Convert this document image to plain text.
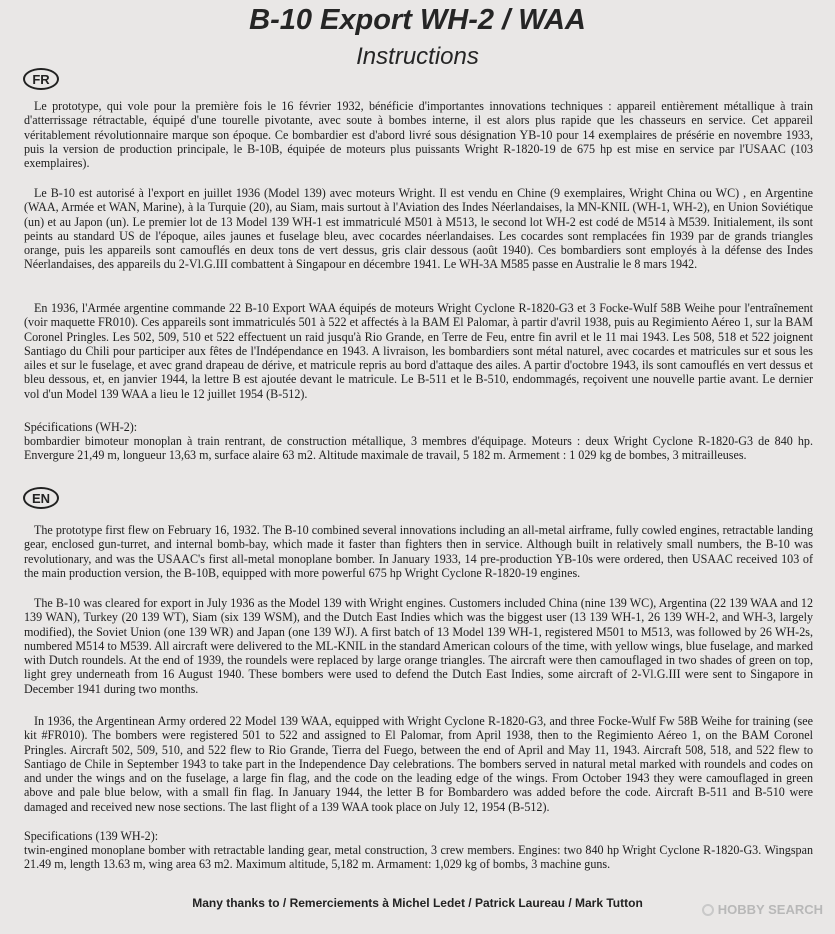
B-10 Export WH-2 / WAA
Instructions
FR
Le prototype, qui vole pour la première fois le 16 février 1932, bénéficie d'importantes innovations techniques : appareil entièrement métallique à train d'atterrissage rétractable, équipé d'une tourelle pivotante, avec soute à bombes interne, il est alors plus rapide que les chasseurs en service. Cet appareil véritablement révolutionnaire marque son époque. Ce bombardier est d'abord livré sous désignation YB-10 pour 14 exemplaires de présérie en novembre 1933, puis la version de production principale, le B-10B, équipée de moteurs plus puissants Wright R-1820-19 de 675 hp est mise en service par l'USAAC (103 exemplaires).
Le B-10 est autorisé à l'export en juillet 1936 (Model 139) avec moteurs Wright. Il est vendu en Chine (9 exemplaires, Wright China ou WC) , en Argentine (WAA, Armée et WAN, Marine), à la Turquie (20), au Siam, mais surtout à l'Aviation des Indes Néerlandaises, la MN-KNIL (WH-1, WH-2), en Union Soviétique (un) et au Japon (un). Le premier lot de 13 Model 139 WH-1 est immatriculé M501 à M513, le second lot WH-2 est codé de M514 à M539. Initialement, ils sont peints au standard US de l'époque, ailes jaunes et fuselage bleu, avec cocardes néerlandaises. Les cocardes sont remplacées fin 1939 par de grands triangles orange, puis les appareils sont camouflés en deux tons de vert dessus, gris clair dessous (août 1940). Ces bombardiers sont employés à la défense des Indes Néerlandaises, des appareils du 2-Vl.G.III combattent à Singapour en décembre 1941. Le WH-3A M585 passe en Australie le 8 mars 1942.
En 1936, l'Armée argentine commande 22 B-10 Export WAA équipés de moteurs Wright Cyclone R-1820-G3 et 3 Focke-Wulf 58B Weihe pour l'entraînement (voir maquette FR010). Ces appareils sont immatriculés 501 à 522 et affectés à la BAM El Palomar, à partir d'avril 1938, puis au Regimiento Aéreo 1, sur la BAM Coronel Pringles. Les 502, 509, 510 et 522 effectuent un raid jusqu'à Rio Grande, en Terre de Feu, entre fin avril et le 11 mai 1943. Les 508, 518 et 522 joignent Santiago du Chili pour participer aux fêtes de l'Indépendance en 1943. A livraison, les bombardiers sont métal naturel, avec cocardes et matricules sur et sous les ailes et sur le fuselage, et avec grand drapeau de dérive, et matricule repris au bord d'attaque des ailes. A partir d'octobre 1943, ils sont camouflés en vert dessus et bleu dessous, et, en janvier 1944, la lettre B est ajoutée devant le matricule. Le B-511 et le B-510, endommagés, reçoivent une nouvelle partie avant. Le dernier vol d'un Model 139 WAA a lieu le 12 juillet 1954 (B-512).
Spécifications (WH-2):
bombardier bimoteur monoplan à train rentrant, de construction métallique, 3 membres d'équipage. Moteurs : deux Wright Cyclone R-1820-G3 de 840 hp. Envergure 21,49 m, longueur 13,63 m, surface alaire 63 m2. Altitude maximale de travail, 5 182 m. Armement : 1 029 kg de bombes, 3 mitrailleuses.
EN
The prototype first flew on February 16, 1932. The B-10 combined several innovations including an all-metal airframe, fully cowled engines, retractable landing gear, enclosed gun-turret, and internal bomb-bay, which made it faster than fighters then in service. Although built in relatively small numbers, the B-10 was revolutionary, and was the USAAC's first all-metal monoplane bomber. In January 1933, 14 pre-production YB-10s were ordered, then USAAC received 103 of the main production version, the B-10B, equipped with more powerful 675 hp Wright Cyclone R-1820-19 engines.
The B-10 was cleared for export in July 1936 as the Model 139 with Wright engines. Customers included China (nine 139 WC), Argentina (22 139 WAA and 12 139 WAN), Turkey (20 139 WT), Siam (six 139 WSM), and the Dutch East Indies which was the biggest user (13 139 WH-1, 26 139 WH-2, and WH-3, largely modified), the Soviet Union (one 139 WR) and Japan (one 139 WJ). A first batch of 13 Model 139 WH-1, registered M501 to M513, was followed by 26 WH-2s, numbered M514 to M539. All aircraft were delivered to the ML-KNIL in the standard American colours of the time, with yellow wings, blue fuselage, and marked with Dutch roundels. At the end of 1939, the roundels were replaced by large orange triangles. The aircraft were then camouflaged in two shades of green on top, light grey underneath from 16 August 1940. These bombers were used to defend the Dutch East Indies, some aircraft of 2-Vl.G.III were sent to Singapore in December 1941 during two months.
In 1936, the Argentinean Army ordered 22 Model 139 WAA, equipped with Wright Cyclone R-1820-G3, and three Focke-Wulf Fw 58B Weihe for training (see kit #FR010). The bombers were registered 501 to 522 and assigned to El Palomar, from April 1938, then to the Regimiento Aéreo 1, on the BAM Coronel Pringles. Aircraft 502, 509, 510, and 522 flew to Rio Grande, Tierra del Fuego, between the end of April and May 11, 1943. Aircraft 508, 518, and 522 flew to Santiago de Chile in September 1943 to take part in the Independence Day celebrations. The bombers served in natural metal marked with roundels and codes on and under the wings and on the fuselage, a large fin flag, and the code on the leading edge of the wings. From October 1943 they were camouflaged in green above and pale blue below, with a small fin flag. In January 1944, the letter B for Bombardero was added before the code. Aircraft B-511 and B-510 were damaged and received new nose sections. The last flight of a 139 WAA took place on July 12, 1954 (B-512).
Specifications (139 WH-2):
twin-engined monoplane bomber with retractable landing gear, metal construction, 3 crew members. Engines: two 840 hp Wright Cyclone R-1820-G3. Wingspan 21.49 m, length 13.63 m, wing area 63 m2. Maximum altitude, 5,182 m. Armament: 1,029 kg of bombs, 3 machine guns.
Many thanks to / Remerciements à Michel Ledet / Patrick Laureau / Mark Tutton	HOBBY SEARCH
